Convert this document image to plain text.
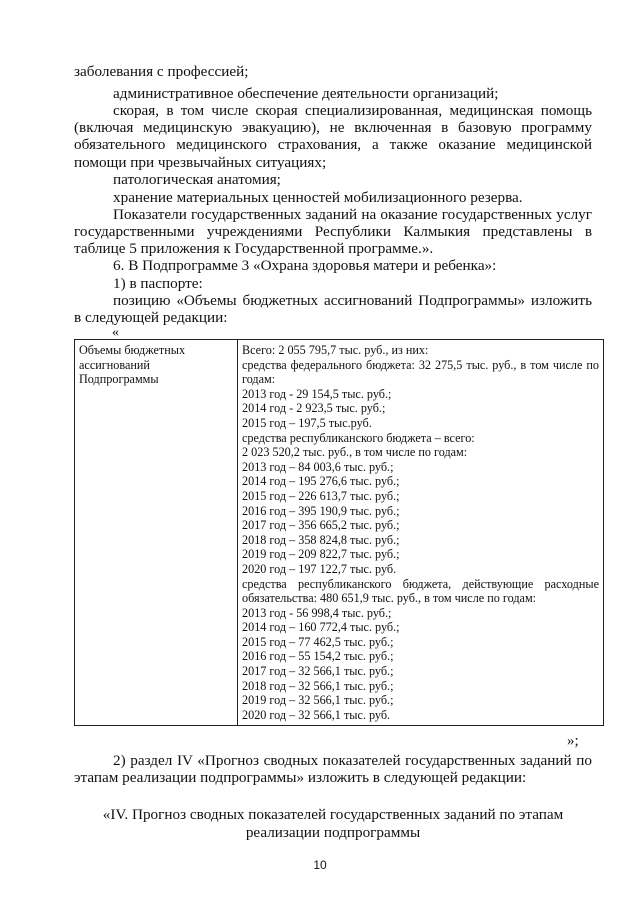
заболевания с профессией;

административное обеспечение деятельности организаций;

скорая, в том числе скорая специализированная, медицинская помощь (включая медицинскую эвакуацию), не включенная в базовую программу обязательного медицинского страхования, а также оказание медицинской помощи при чрезвычайных ситуациях;

патологическая анатомия;

хранение материальных ценностей мобилизационного резерва.

Показатели государственных заданий на оказание государственных услуг государственными учреждениями Республики Калмыкия представлены в таблице 5 приложения к Государственной программе.».

6. В Подпрограмме 3 «Охрана здоровья матери и ребенка»:

1) в паспорте:

позицию «Объемы бюджетных ассигнований Подпрограммы» изложить в следующей редакции:

«
Объемы бюджетных
ассигнований
Подпрограммы

Всего: 2 055 795,7 тыс. руб., из них:
средства федерального бюджета: 32 275,5 тыс. руб., в том числе по годам:
2013 год - 29 154,5 тыс. руб.;
2014 год - 2 923,5 тыс. руб.;
2015 год – 197,5 тыс.руб.
средства республиканского бюджета – всего:
2 023 520,2 тыс. руб., в том числе по годам:
2013 год – 84 003,6 тыс. руб.;
2014 год – 195 276,6 тыс. руб.;
2015 год – 226 613,7 тыс. руб.;
2016 год – 395 190,9 тыс. руб.;
2017 год – 356 665,2 тыс. руб.;
2018 год – 358 824,8 тыс. руб.;
2019 год – 209 822,7 тыс. руб.;
2020 год – 197 122,7 тыс. руб.
средства республиканского бюджета, действующие расходные обязательства: 480 651,9 тыс. руб., в том числе по годам:
2013 год - 56 998,4 тыс. руб.;
2014 год – 160 772,4 тыс. руб.;
2015 год – 77 462,5 тыс. руб.;
2016 год – 55 154,2 тыс. руб.;
2017 год – 32 566,1 тыс. руб.;
2018 год – 32 566,1 тыс. руб.;
2019 год – 32 566,1 тыс. руб.;
2020 год – 32 566,1 тыс. руб.
»;

2) раздел IV «Прогноз сводных показателей государственных заданий по этапам реализации подпрограммы» изложить в следующей редакции:

«IV. Прогноз сводных показателей государственных заданий по этапам
реализации подпрограммы
10
